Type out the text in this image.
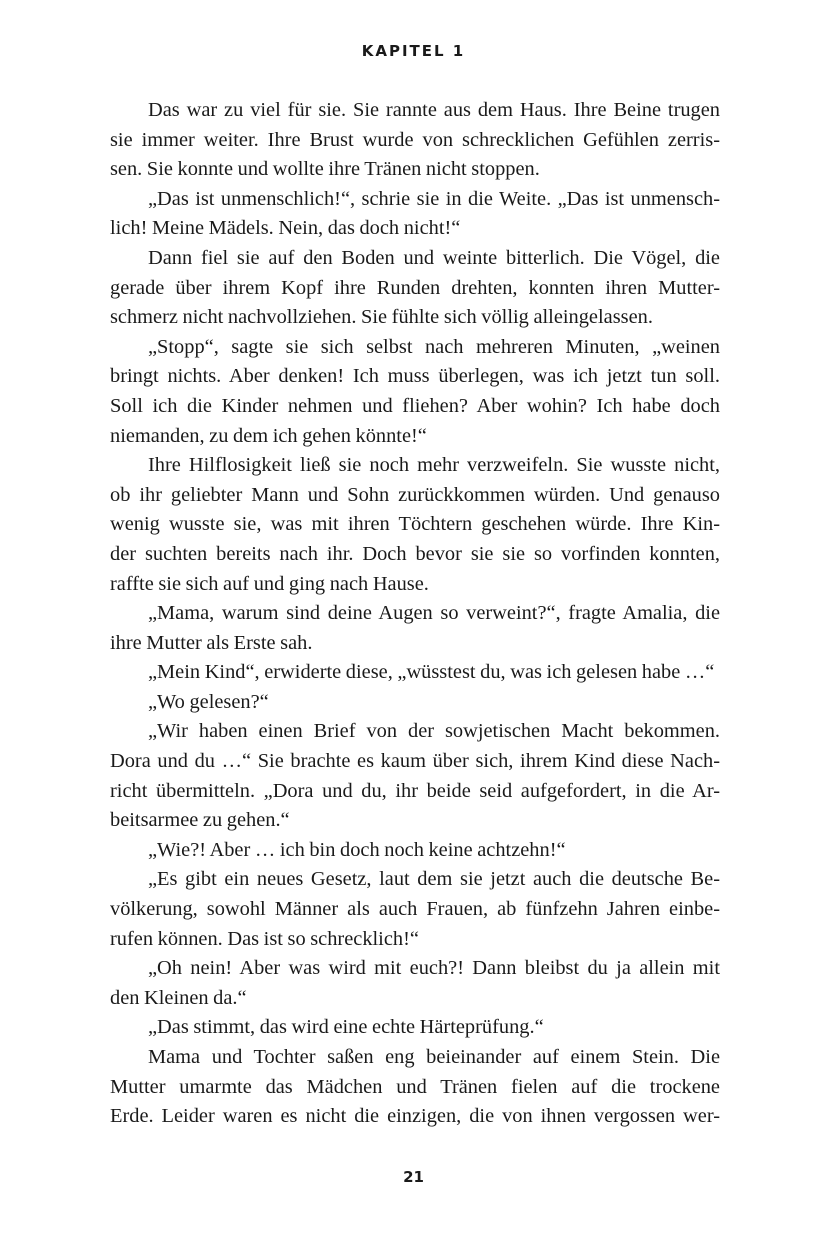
KAPITEL 1
Das war zu viel für sie. Sie rannte aus dem Haus. Ihre Beine trugen
sie immer weiter. Ihre Brust wurde von schrecklichen Gefühlen zerris-
sen. Sie konnte und wollte ihre Tränen nicht stoppen.
„Das ist unmenschlich!“, schrie sie in die Weite. „Das ist unmensch-
lich! Meine Mädels. Nein, das doch nicht!“
Dann fiel sie auf den Boden und weinte bitterlich. Die Vögel, die
gerade über ihrem Kopf ihre Runden drehten, konnten ihren Mutter-
schmerz nicht nachvollziehen. Sie fühlte sich völlig alleingelassen.
„Stopp“, sagte sie sich selbst nach mehreren Minuten, „weinen
bringt nichts. Aber denken! Ich muss überlegen, was ich jetzt tun soll.
Soll ich die Kinder nehmen und fliehen? Aber wohin? Ich habe doch
niemanden, zu dem ich gehen könnte!“
Ihre Hilflosigkeit ließ sie noch mehr verzweifeln. Sie wusste nicht,
ob ihr geliebter Mann und Sohn zurückkommen würden. Und genauso
wenig wusste sie, was mit ihren Töchtern geschehen würde. Ihre Kin-
der suchten bereits nach ihr. Doch bevor sie sie so vorfinden konnten,
raffte sie sich auf und ging nach Hause.
„Mama, warum sind deine Augen so verweint?“, fragte Amalia, die
ihre Mutter als Erste sah.
„Mein Kind“, erwiderte diese, „wüsstest du, was ich gelesen habe …“
„Wo gelesen?“
„Wir haben einen Brief von der sowjetischen Macht bekommen.
Dora und du …“ Sie brachte es kaum über sich, ihrem Kind diese Nach-
richt übermitteln. „Dora und du, ihr beide seid aufgefordert, in die Ar-
beitsarmee zu gehen.“
„Wie?! Aber … ich bin doch noch keine achtzehn!“
„Es gibt ein neues Gesetz, laut dem sie jetzt auch die deutsche Be-
völkerung, sowohl Männer als auch Frauen, ab fünfzehn Jahren einbe-
rufen können. Das ist so schrecklich!“
„Oh nein! Aber was wird mit euch?! Dann bleibst du ja allein mit
den Kleinen da.“
„Das stimmt, das wird eine echte Härteprüfung.“
Mama und Tochter saßen eng beieinander auf einem Stein. Die
Mutter umarmte das Mädchen und Tränen fielen auf die trockene
Erde. Leider waren es nicht die einzigen, die von ihnen vergossen wer-
21
